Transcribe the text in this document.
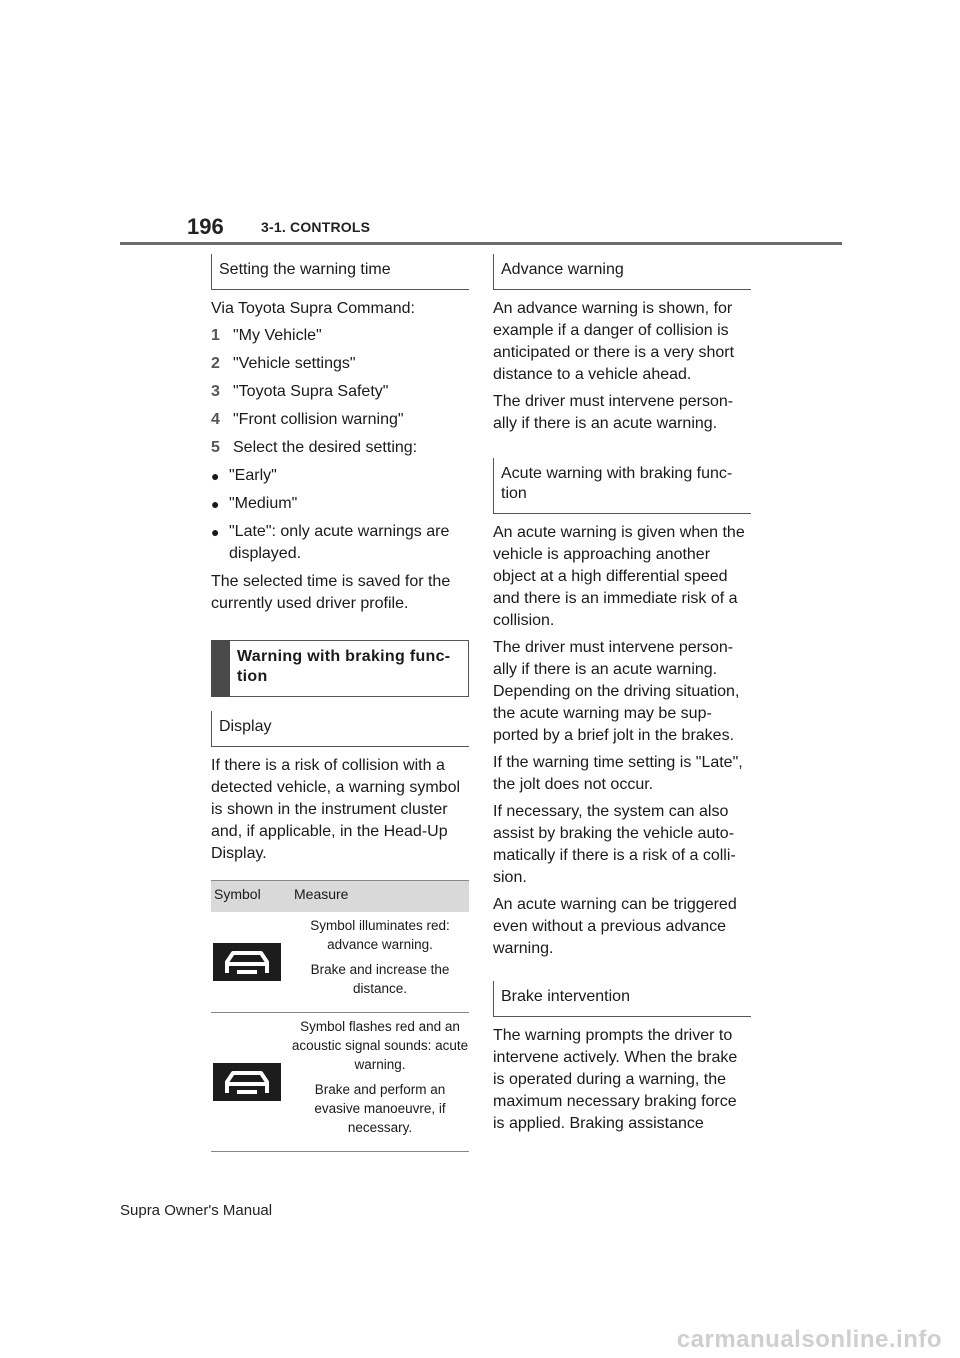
196	3-1. CONTROLS
Setting the warning time

Via Toyota Supra Command:

1 "My Vehicle"
2 "Vehicle settings"
3 "Toyota Supra Safety"
4 "Front collision warning"
5 Select the desired setting:
● "Early"
● "Medium"
● "Late": only acute warnings are displayed.

The selected time is saved for the currently used driver profile.

Warning with braking func-tion
Display

If there is a risk of collision with a detected vehicle, a warning symbol is shown in the instrument cluster and, if applicable, in the Head-Up Display.

Symbol	Measure

Symbol illuminates red: advance warning.
Brake and increase the distance.

Symbol flashes red and an acoustic signal sounds: acute warning.
Brake and perform an evasive manoeuvre, if necessary.
Advance warning

An advance warning is shown, for example if a danger of collision is anticipated or there is a very short distance to a vehicle ahead.

The driver must intervene person-ally if there is an acute warning.

Acute warning with braking func-tion

An acute warning is given when the vehicle is approaching another object at a high differential speed and there is an immediate risk of a collision.

The driver must intervene person-ally if there is an acute warning. Depending on the driving situation, the acute warning may be sup-ported by a brief jolt in the brakes.

If the warning time setting is "Late", the jolt does not occur.

If necessary, the system can also assist by braking the vehicle auto-matically if there is a risk of a colli-sion.

An acute warning can be triggered even without a previous advance warning.

Brake intervention

The warning prompts the driver to intervene actively. When the brake is operated during a warning, the maximum necessary braking force is applied. Braking assistance

Supra Owner's Manual
carmanualsonline.info
